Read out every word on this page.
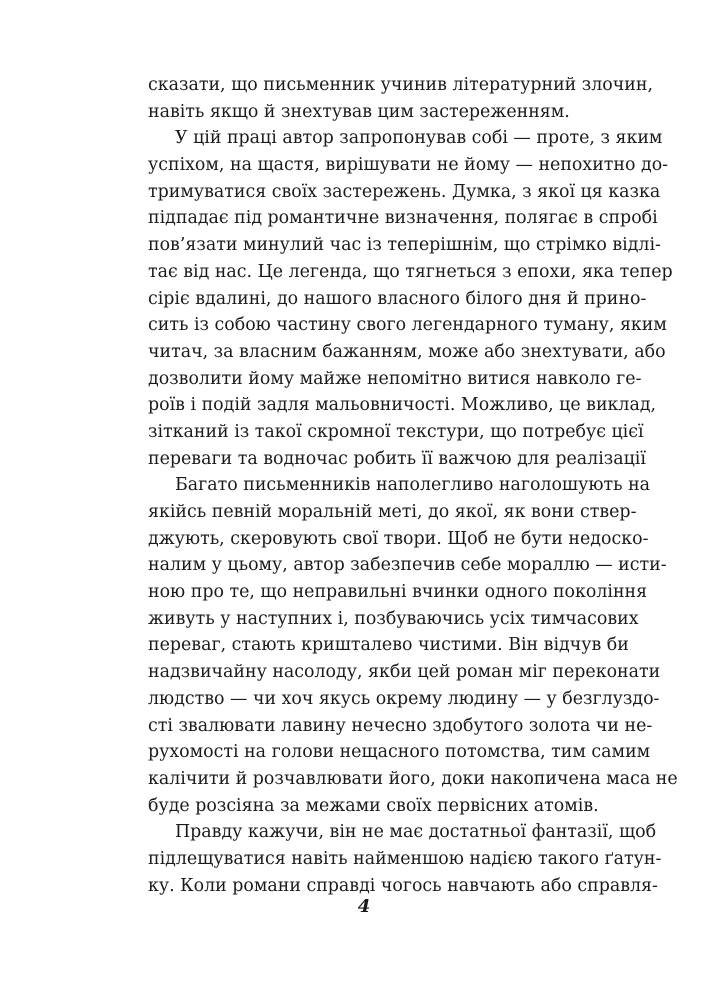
сказати, що письменник учинив літературний злочин,
навіть якщо й знехтував цим застереженням.
У цій праці автор запропонував собі — проте, з яким
успіхом, на щастя, вирішувати не йому — непохитно до-
тримуватися своїх застережень. Думка, з якої ця казка
підпадає під романтичне визначення, полягає в спробі
пов’язати минулий час із теперішнім, що стрімко відлі-
тає від нас. Це легенда, що тягнеться з епохи, яка тепер
сіріє вдалині, до нашого власного білого дня й прино-
сить із собою частину свого легендарного туману, яким
читач, за власним бажанням, може або знехтувати, або
дозволити йому майже непомітно витися навколо ге-
роїв і подій задля мальовничості. Можливо, це виклад,
зітканий із такої скромної текстури, що потребує цієї
переваги та водночас робить її важчою для реалізації
Багато письменників наполегливо наголошують на
якійсь певній моральній меті, до якої, як вони ствер-
джують, скеровують свої твори. Щоб не бути недоско-
налим у цьому, автор забезпечив себе мораллю — исти-
ною про те, що неправильні вчинки одного покоління
живуть у наступних і, позбуваючись усіх тимчасових
переваг, стають кришталево чистими. Він відчув би
надзвичайну насолоду, якби цей роман міг переконати
людство — чи хоч якусь окрему людину — у безглуздо-
сті звалювати лавину нечесно здобутого золота чи не-
рухомості на голови нещасного потомства, тим самим
калічити й розчавлювати його, доки накопичена маса не
буде розсіяна за межами своїх первісних атомів.
Правду кажучи, він не має достатньої фантазії, щоб
підлещуватися навіть найменшою надією такого ґатун-
ку. Коли романи справді чогось навчають або справля-
4
